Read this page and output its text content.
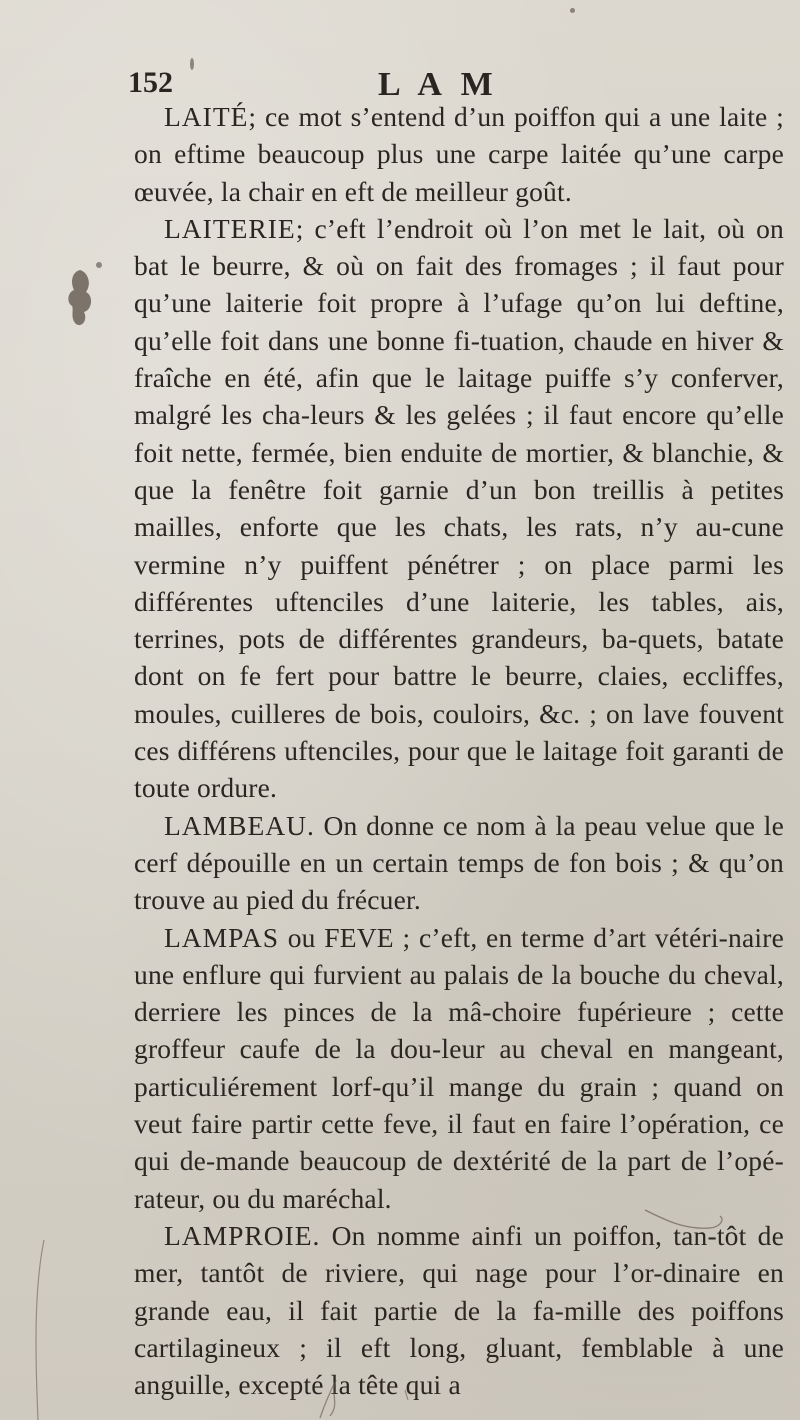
152	L A M

LAITÉ; ce mot s’entend d’un poiffon qui a une laite ; on eftime beaucoup plus une carpe laitée qu’une carpe œuvée, la chair en eft de meilleur goût.

LAITERIE; c’eft l’endroit où l’on met le lait, où on bat le beurre, & où on fait des fromages ; il faut pour qu’une laiterie foit propre à l’ufage qu’on lui deftine, qu’elle foit dans une bonne fi-tuation, chaude en hiver & fraîche en été, afin que le laitage puiffe s’y conferver, malgré les cha-leurs & les gelées ; il faut encore qu’elle foit nette, fermée, bien enduite de mortier, & blanchie, & que la fenêtre foit garnie d’un bon treillis à petites mailles, enforte que les chats, les rats, n’y au-cune vermine n’y puiffent pénétrer ; on place parmi les différentes uftenciles d’une laiterie, les tables, ais, terrines, pots de différentes grandeurs, ba-quets, batate dont on fe fert pour battre le beurre, claies, eccliffes, moules, cuilleres de bois, couloirs, &c. ; on lave fouvent ces différens uftenciles, pour que le laitage foit garanti de toute ordure.

LAMBEAU. On donne ce nom à la peau velue que le cerf dépouille en un certain temps de fon bois ; & qu’on trouve au pied du frécuer.

LAMPAS ou FEVE ; c’eft, en terme d’art vétéri-naire une enflure qui furvient au palais de la bouche du cheval, derriere les pinces de la mâ-choire fupérieure ; cette groffeur caufe de la dou-leur au cheval en mangeant, particuliérement lorf-qu’il mange du grain ; quand on veut faire partir cette feve, il faut en faire l’opération, ce qui de-mande beaucoup de dextérité de la part de l’opé-rateur, ou du maréchal.

LAMPROIE. On nomme ainfi un poiffon, tan-tôt de mer, tantôt de riviere, qui nage pour l’or-dinaire en grande eau, il fait partie de la fa-mille des poiffons cartilagineux ; il eft long, gluant, femblable à une anguille, excepté la tête qui a
